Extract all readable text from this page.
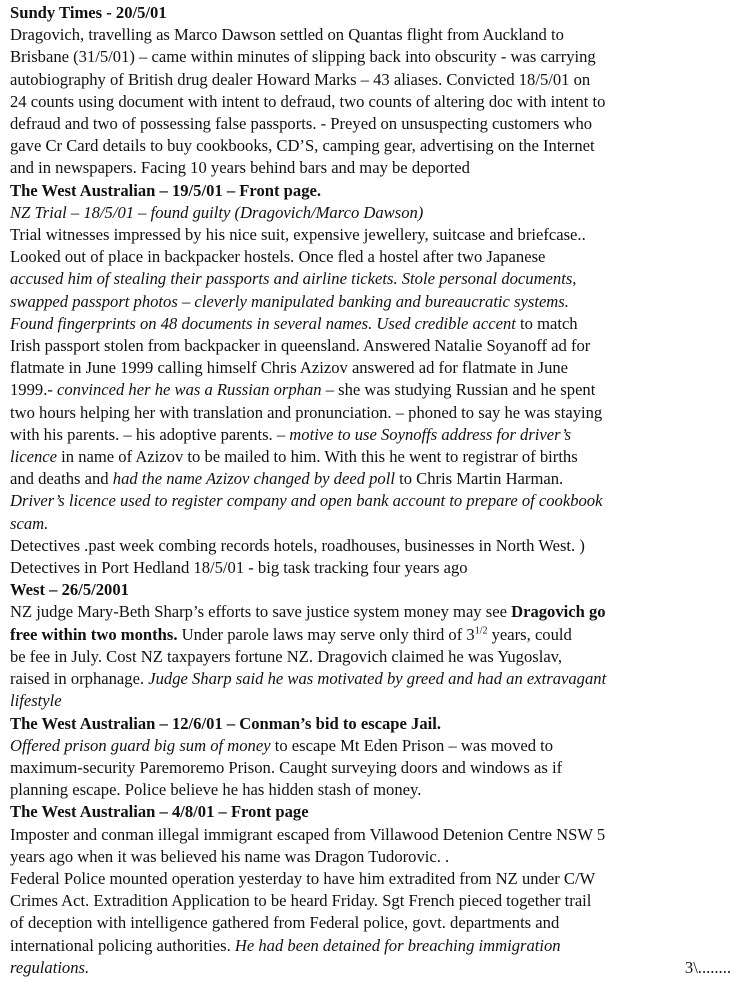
Sundy Times - 20/5/01
Dragovich, travelling as Marco Dawson settled on Quantas flight from Auckland to
Brisbane (31/5/01) – came within minutes of slipping back into obscurity - was carrying
autobiography of British drug dealer Howard Marks – 43 aliases. Convicted 18/5/01 on
24 counts using document with intent to defraud, two counts of altering doc with intent to
defraud and two of possessing false passports. - Preyed on unsuspecting customers who
gave Cr Card details to buy cookbooks, CD’S, camping gear, advertising on the Internet
and in newspapers. Facing 10 years behind bars and may be deported
The West Australian – 19/5/01 – Front page.
NZ Trial – 18/5/01 – found guilty (Dragovich/Marco Dawson)
Trial witnesses impressed by his nice suit, expensive jewellery, suitcase and briefcase..
Looked out of place in backpacker hostels. Once fled a hostel after two Japanese
accused him of stealing their passports and airline tickets. Stole personal documents,
swapped passport photos – cleverly manipulated banking and bureaucratic systems.
Found fingerprints on 48 documents in several names. Used credible accent to match
Irish passport stolen from backpacker in queensland. Answered Natalie Soyanoff ad for
flatmate in June 1999 calling himself Chris Azizov answered ad for flatmate in June
1999.- convinced her he was a Russian orphan – she was studying Russian and he spent
two hours helping her with translation and pronunciation. – phoned to say he was staying
with his parents. – his adoptive parents. – motive to use Soynoffs address for driver’s
licence in name of Azizov to be mailed to him. With this he went to registrar of births
and deaths and had the name Azizov changed by deed poll to Chris Martin Harman.
Driver’s licence used to register company and open bank account to prepare of cookbook
scam.
Detectives .past week combing records hotels, roadhouses, businesses in North West. )
Detectives in Port Hedland 18/5/01 - big task tracking four years ago
West – 26/5/2001
NZ judge Mary-Beth Sharp’s efforts to save justice system money may see Dragovich go
free within two months. Under parole laws may serve only third of $3^{1/2}$ years, could
be fee in July. Cost NZ taxpayers fortune NZ. Dragovich claimed he was Yugoslav,
raised in orphanage. Judge Sharp said he was motivated by greed and had an extravagant
lifestyle
The West Australian – 12/6/01 – Conman’s bid to escape Jail.
Offered prison guard big sum of money to escape Mt Eden Prison – was moved to
maximum-security Paremoremo Prison. Caught surveying doors and windows as if
planning escape. Police believe he has hidden stash of money.
The West Australian – 4/8/01 – Front page
Imposter and conman illegal immigrant escaped from Villawood Detenion Centre NSW 5
years ago when it was believed his name was Dragon Tudorovic. .
Federal Police mounted operation yesterday to have him extradited from NZ under C/W
Crimes Act. Extradition Application to be heard Friday. Sgt French pieced together trail
of deception with intelligence gathered from Federal police, govt. departments and
international policing authorities. He had been detained for breaching immigration
regulations.	3\........
